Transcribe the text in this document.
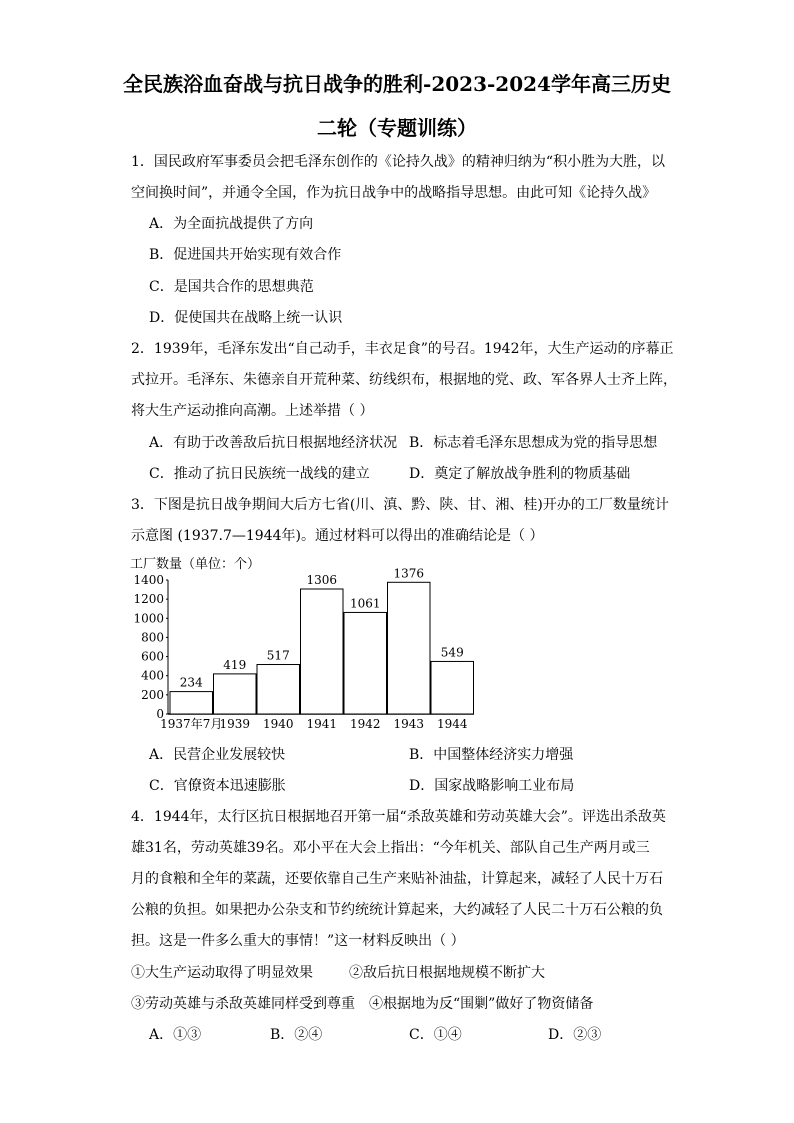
全民族浴血奋战与抗日战争的胜利-2023-2024学年高三历史
二轮（专题训练）
1．国民政府军事委员会把毛泽东创作的《论持久战》的精神归纳为“积小胜为大胜，以
空间换时间”，并通令全国，作为抗日战争中的战略指导思想。由此可知《论持久战》
A．为全面抗战提供了方向
B．促进国共开始实现有效合作
C．是国共合作的思想典范
D．促使国共在战略上统一认识
2．1939年，毛泽东发出“自己动手，丰衣足食”的号召。1942年，大生产运动的序幕正
式拉开。毛泽东、朱德亲自开荒种菜、纺线织布，根据地的党、政、军各界人士齐上阵，
将大生产运动推向高潮。上述举措（ ）
A．有助于改善敌后抗日根据地经济状况 B．标志着毛泽东思想成为党的指导思想
C．推动了抗日民族统一战线的建立	D．奠定了解放战争胜利的物质基础
3．下图是抗日战争期间大后方七省(川、滇、黔、陕、甘、湘、桂)开办的工厂数量统计
示意图 (1937.7—1944年)。通过材料可以得出的准确结论是（ ）
工厂数量（单位：个）
1400
1200
1000
800
600
400
200
0
234
419
517
1306
1061
1376
549
1937年7月
1939 1940 1941 1942 1943 1944
A．民营企业发展较快	B．中国整体经济实力增强
C．官僚资本迅速膨胀	D．国家战略影响工业布局
4．1944年，太行区抗日根据地召开第一届“杀敌英雄和劳动英雄大会”。评选出杀敌英
雄31名，劳动英雄39名。邓小平在大会上指出：“今年机关、部队自己生产两月或三
月的食粮和全年的菜蔬，还要依靠自己生产来贴补油盐，计算起来，减轻了人民十万石
公粮的负担。如果把办公杂支和节约统统计算起来，大约减轻了人民二十万石公粮的负
担。这是一件多么重大的事情！”这一材料反映出（ ）
①大生产运动取得了明显效果	②敌后抗日根据地规模不断扩大
③劳动英雄与杀敌英雄同样受到尊重 ④根据地为反“围剿”做好了物资储备
A．①③	B．②④	C．①④	D．②③
